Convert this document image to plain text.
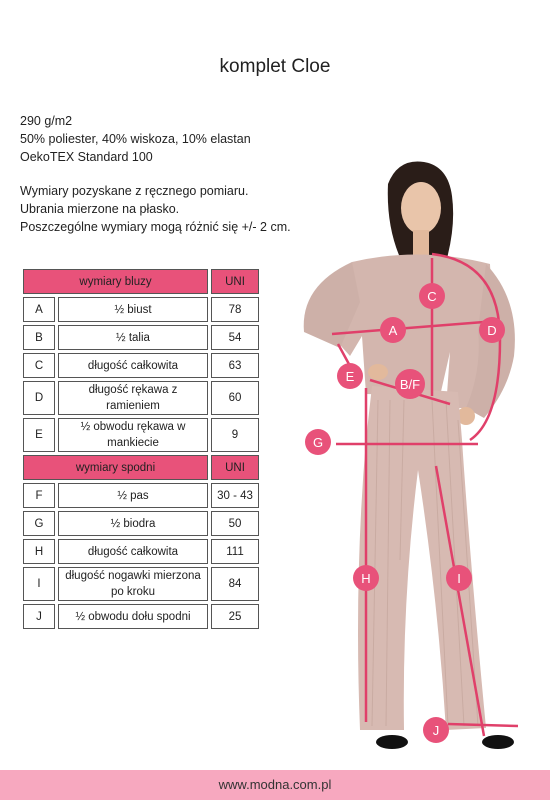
komplet Cloe
290 g/m2
50% poliester, 40% wiskoza, 10% elastan
OekoTEX Standard 100
Wymiary pozyskane z ręcznego pomiaru.
Ubrania mierzone na płasko.
Poszczególne wymiary mogą różnić się +/- 2 cm.
wymiary bluzy		UNI
A	½ biust	78
B	½ talia	54
C	długość całkowita	63
D	długość rękawa z ramieniem	60
E	½ obwodu rękawa w mankiecie	9
wymiary spodni		UNI
F	½ pas	30 - 43
G	½ biodra	50
H	długość całkowita	111
I	długość nogawki mierzona po kroku	84
J	½ obwodu dołu spodni	25
A
C
D
E
B/F
G
H	I
J
www.modna.com.pl
